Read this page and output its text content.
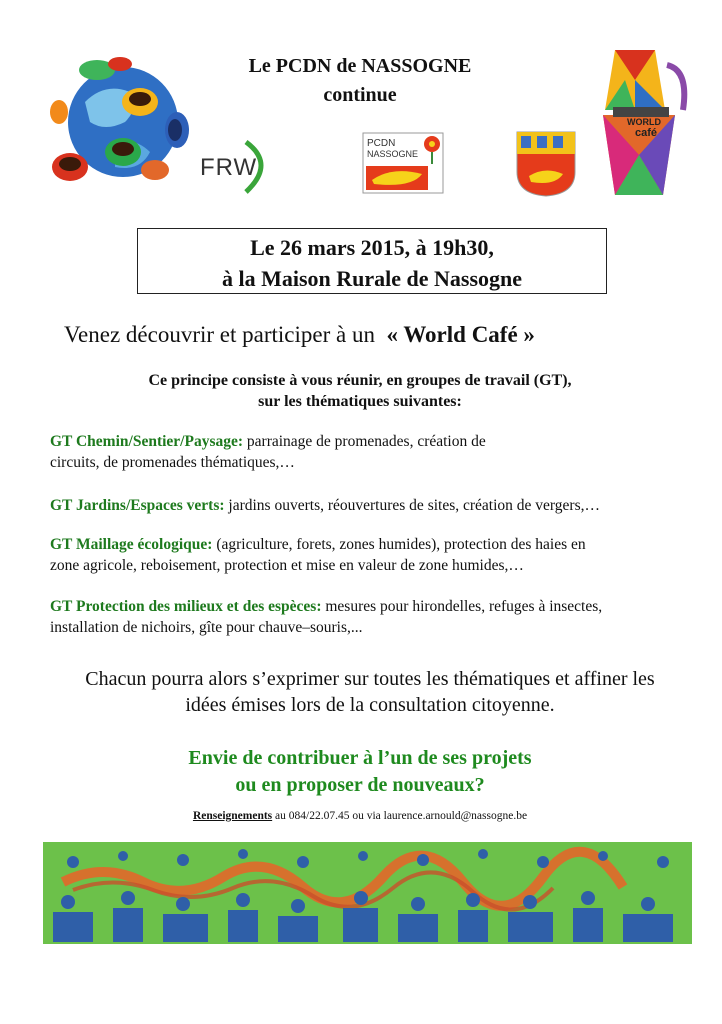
FRW
Le PCDN de NASSOGNE
continue
PCDN
NASSOGNE
WORLD
café
Le 26 mars 2015, à 19h30,
à la Maison Rurale de Nassogne
Venez découvrir et participer à un « World Café »
Ce principe consiste à vous réunir, en groupes de travail (GT),
sur les thématiques suivantes:
GT Chemin/Sentier/Paysage: parrainage de promenades, création de
circuits, de promenades thématiques,…
GT Jardins/Espaces verts: jardins ouverts, réouvertures de sites, création de vergers,…
GT Maillage écologique: (agriculture, forets, zones humides), protection des haies en
zone agricole, reboisement, protection et mise en valeur de zone humides,…
GT Protection des milieux et des espèces: mesures pour hirondelles, refuges à insectes,
installation de nichoirs, gîte pour chauve–souris,...
Chacun pourra alors s’exprimer sur toutes les thématiques et affiner les
idées émises lors de la consultation citoyenne.
Envie de contribuer à l’un de ses projets
ou en proposer de nouveaux?
Renseignements au 084/22.07.45 ou via laurence.arnould@nassogne.be
